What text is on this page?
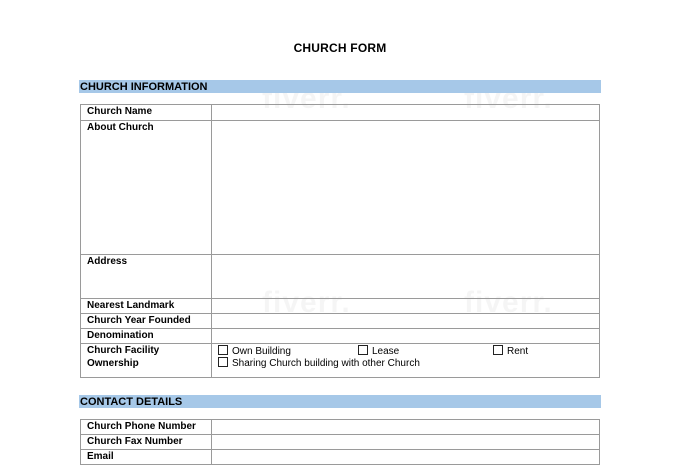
CHURCH FORM
CHURCH INFORMATION
Church Name	
About Church	
Address	
Nearest Landmark	
Church Year Founded	
Denomination	
Church Facility Ownership	Own Building Lease Rent
Sharing Church building with other Church
CONTACT DETAILS
Church Phone Number	
Church Fax Number	
Email	
